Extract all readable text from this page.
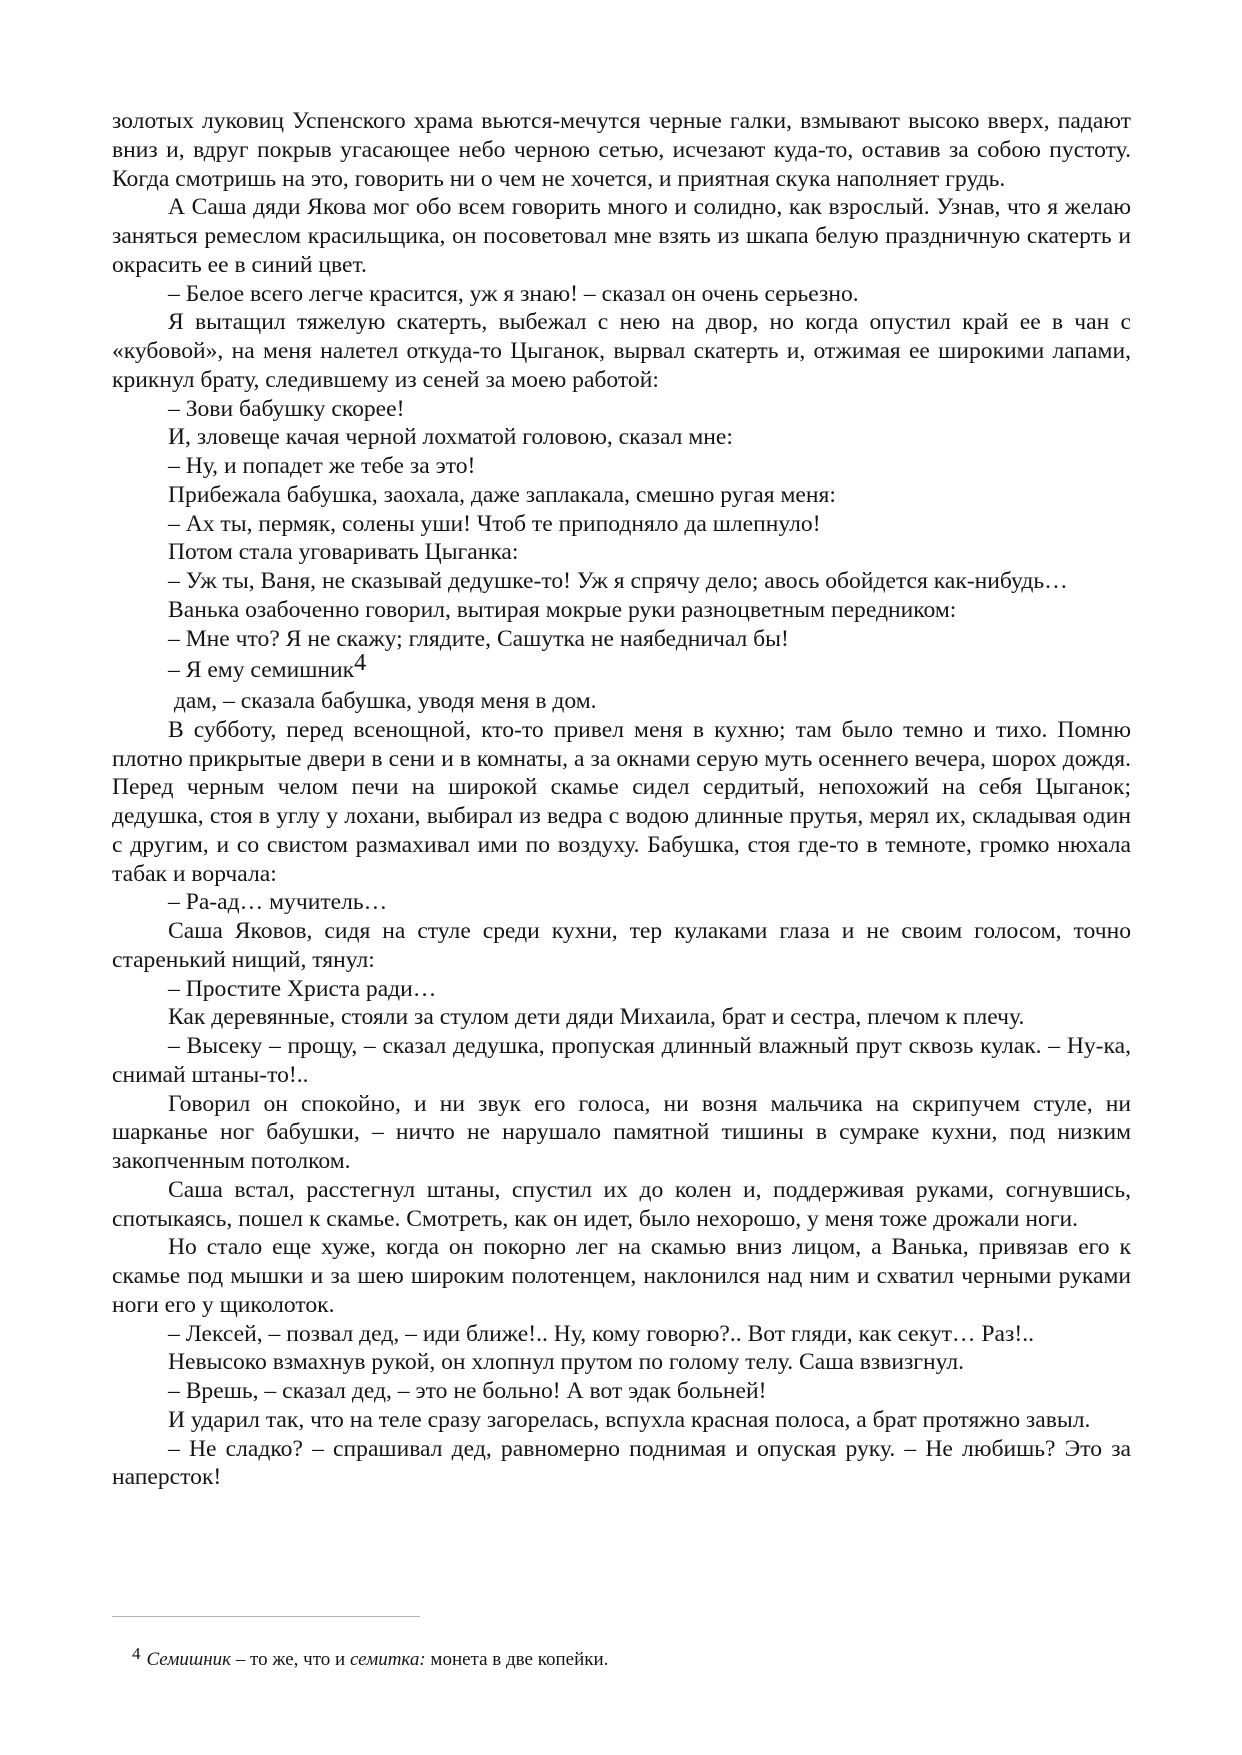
золотых луковиц Успенского храма вьются-мечутся черные галки, взмывают высоко вверх, падают вниз и, вдруг покрыв угасающее небо черною сетью, исчезают куда-то, оставив за собою пустоту. Когда смотришь на это, говорить ни о чем не хочется, и приятная скука наполняет грудь.

А Саша дяди Якова мог обо всем говорить много и солидно, как взрослый. Узнав, что я желаю заняться ремеслом красильщика, он посоветовал мне взять из шкапа белую праздничную скатерть и окрасить ее в синий цвет.

– Белое всего легче красится, уж я знаю! – сказал он очень серьезно.

Я вытащил тяжелую скатерть, выбежал с нею на двор, но когда опустил край ее в чан с «кубовой», на меня налетел откуда-то Цыганок, вырвал скатерть и, отжимая ее широкими лапами, крикнул брату, следившему из сеней за моею работой:

– Зови бабушку скорее!

И, зловеще качая черной лохматой головою, сказал мне:

– Ну, и попадет же тебе за это!

Прибежала бабушка, заохала, даже заплакала, смешно ругая меня:

– Ах ты, пермяк, солены уши! Чтоб те приподняло да шлепнуло!

Потом стала уговаривать Цыганка:

– Уж ты, Ваня, не сказывай дедушке-то! Уж я спрячу дело; авось обойдется как-нибудь…

Ванька озабоченно говорил, вытирая мокрые руки разноцветным передником:

– Мне что? Я не скажу; глядите, Сашутка не наябедничал бы!

– Я ему семишник4

дам, – сказала бабушка, уводя меня в дом.

В субботу, перед всенощной, кто-то привел меня в кухню; там было темно и тихо. Помню плотно прикрытые двери в сени и в комнаты, а за окнами серую муть осеннего вечера, шорох дождя. Перед черным челом печи на широкой скамье сидел сердитый, непохожий на себя Цыганок; дедушка, стоя в углу у лохани, выбирал из ведра с водою длинные прутья, мерял их, складывая один с другим, и со свистом размахивал ими по воздуху. Бабушка, стоя где-то в темноте, громко нюхала табак и ворчала:

– Ра-ад… мучитель…

Саша Яковов, сидя на стуле среди кухни, тер кулаками глаза и не своим голосом, точно старенький нищий, тянул:

– Простите Христа ради…

Как деревянные, стояли за стулом дети дяди Михаила, брат и сестра, плечом к плечу.

– Высеку – прощу, – сказал дедушка, пропуская длинный влажный прут сквозь кулак. – Ну-ка, снимай штаны-то!..

Говорил он спокойно, и ни звук его голоса, ни возня мальчика на скрипучем стуле, ни шарканье ног бабушки, – ничто не нарушало памятной тишины в сумраке кухни, под низким закопченным потолком.

Саша встал, расстегнул штаны, спустил их до колен и, поддерживая руками, согнувшись, спотыкаясь, пошел к скамье. Смотреть, как он идет, было нехорошо, у меня тоже дрожали ноги.

Но стало еще хуже, когда он покорно лег на скамью вниз лицом, а Ванька, привязав его к скамье под мышки и за шею широким полотенцем, наклонился над ним и схватил черными руками ноги его у щиколоток.

– Лексей, – позвал дед, – иди ближе!.. Ну, кому говорю?.. Вот гляди, как секут… Раз!..

Невысоко взмахнув рукой, он хлопнул прутом по голому телу. Саша взвизгнул.

– Врешь, – сказал дед, – это не больно! А вот эдак больней!

И ударил так, что на теле сразу загорелась, вспухла красная полоса, а брат протяжно завыл.

– Не сладко? – спрашивал дед, равномерно поднимая и опуская руку. – Не любишь? Это за наперсток!

4 Семишник – то же, что и семитка: монета в две копейки.
